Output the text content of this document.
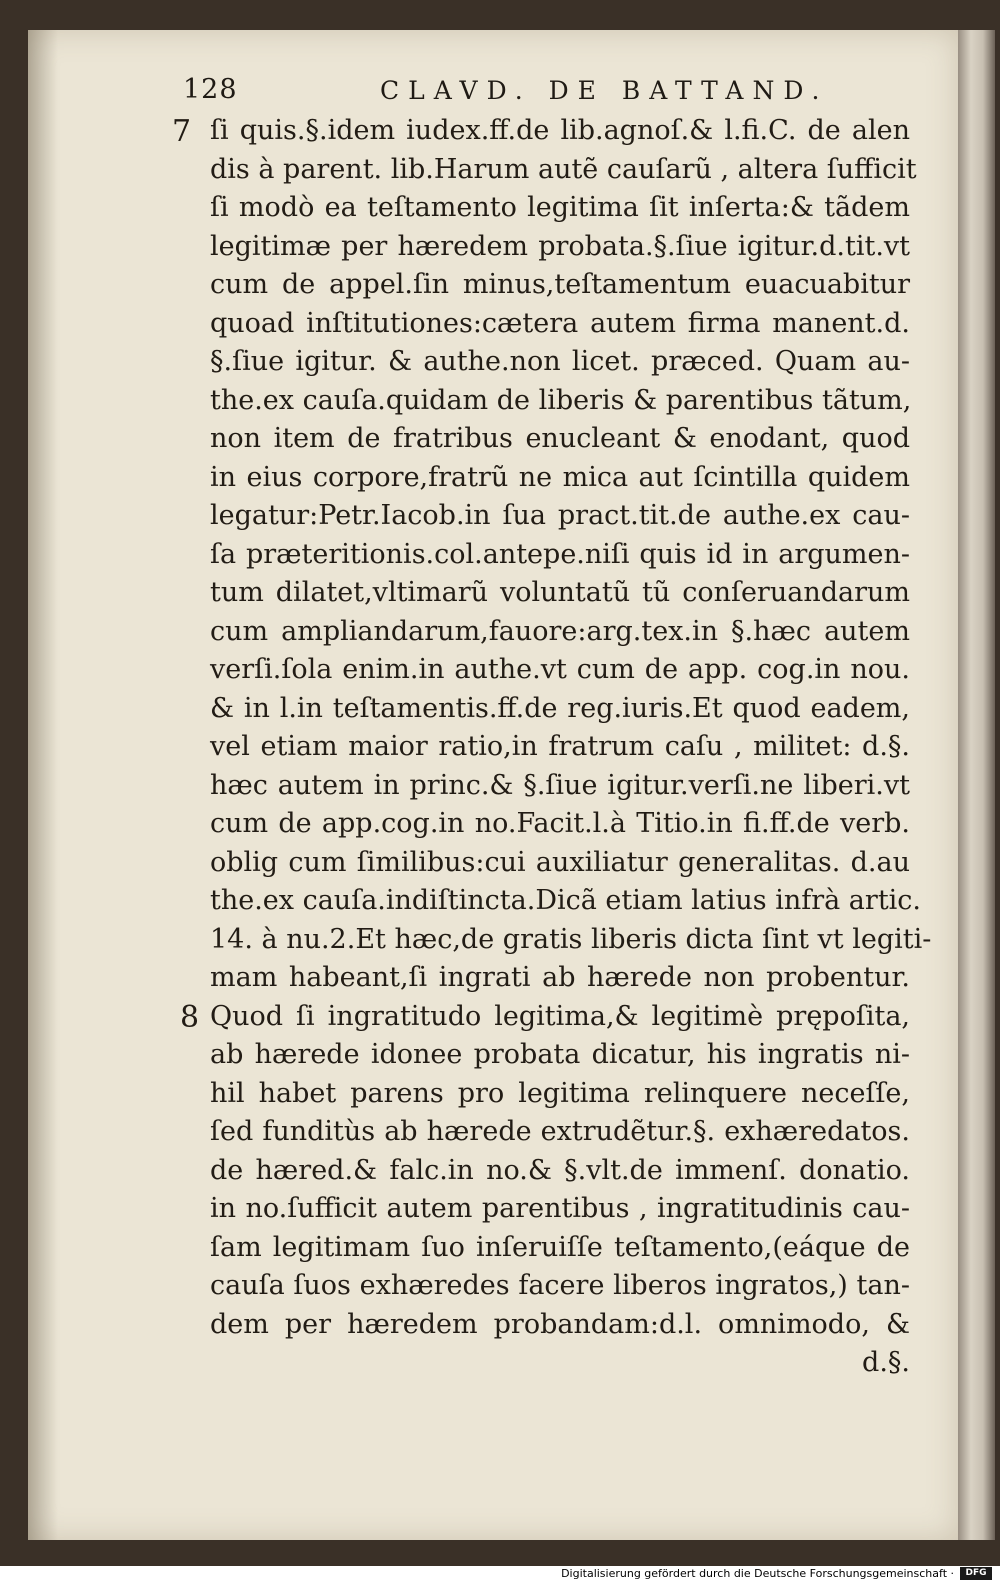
128	CLAVD. DE BATTAND.
7
8
ſi quis.§.idem iudex.ff.de lib.agnoſ.& l.fi.C. de alen
dis à parent. lib.Harum autẽ cauſarũ , altera ſufficit
ſi modò ea teſtamento legitima ſit inſerta:& tãdem
legitimæ per hæredem probata.§.ſiue igitur.d.tit.vt
cum de appel.ſin minus,teſtamentum euacuabitur
quoad inſtitutiones:cætera autem firma manent.d.
§.ſiue igitur. & authe.non licet. præced. Quam au-
the.ex cauſa.quidam de liberis & parentibus tãtum,
non item de fratribus enucleant & enodant, quod
in eius corpore,fratrũ ne mica aut ſcintilla quidem
legatur:Petr.Iacob.in ſua pract.tit.de authe.ex cau-
ſa præteritionis.col.antepe.niſi quis id in argumen-
tum dilatet,vltimarũ voluntatũ tũ conſeruandarum
cum ampliandarum,fauore:arg.tex.in §.hæc autem
verſi.ſola enim.in authe.vt cum de app. cog.in nou.
& in l.in teſtamentis.ff.de reg.iuris.Et quod eadem,
vel etiam maior ratio,in fratrum caſu , militet: d.§.
hæc autem in princ.& §.ſiue igitur.verſi.ne liberi.vt
cum de app.cog.in no.Facit.l.à Titio.in fi.ff.de verb.
oblig cum ſimilibus:cui auxiliatur generalitas. d.au
the.ex cauſa.indiſtincta.Dicã etiam latius infrà artic.
14. à nu.2.Et hæc,de gratis liberis dicta ſint vt legiti-
mam habeant,ſi ingrati ab hærede non probentur.
Quod ſi ingratitudo legitima,& legitimè prępoſita,
ab hærede idonee probata dicatur, his ingratis ni-
hil habet parens pro legitima relinquere neceſſe,
ſed funditùs ab hærede extrudẽtur.§. exhæredatos.
de hæred.& falc.in no.& §.vlt.de immenſ. donatio.
in no.ſufficit autem parentibus , ingratitudinis cau-
ſam legitimam ſuo inſeruiſſe teſtamento,(eáque de
cauſa ſuos exhæredes facere liberos ingratos,) tan-
dem per hæredem probandam:d.l. omnimodo, &
d.§.
Digitalisierung gefördert durch die Deutsche Forschungsgemeinschaft ·	DFG
